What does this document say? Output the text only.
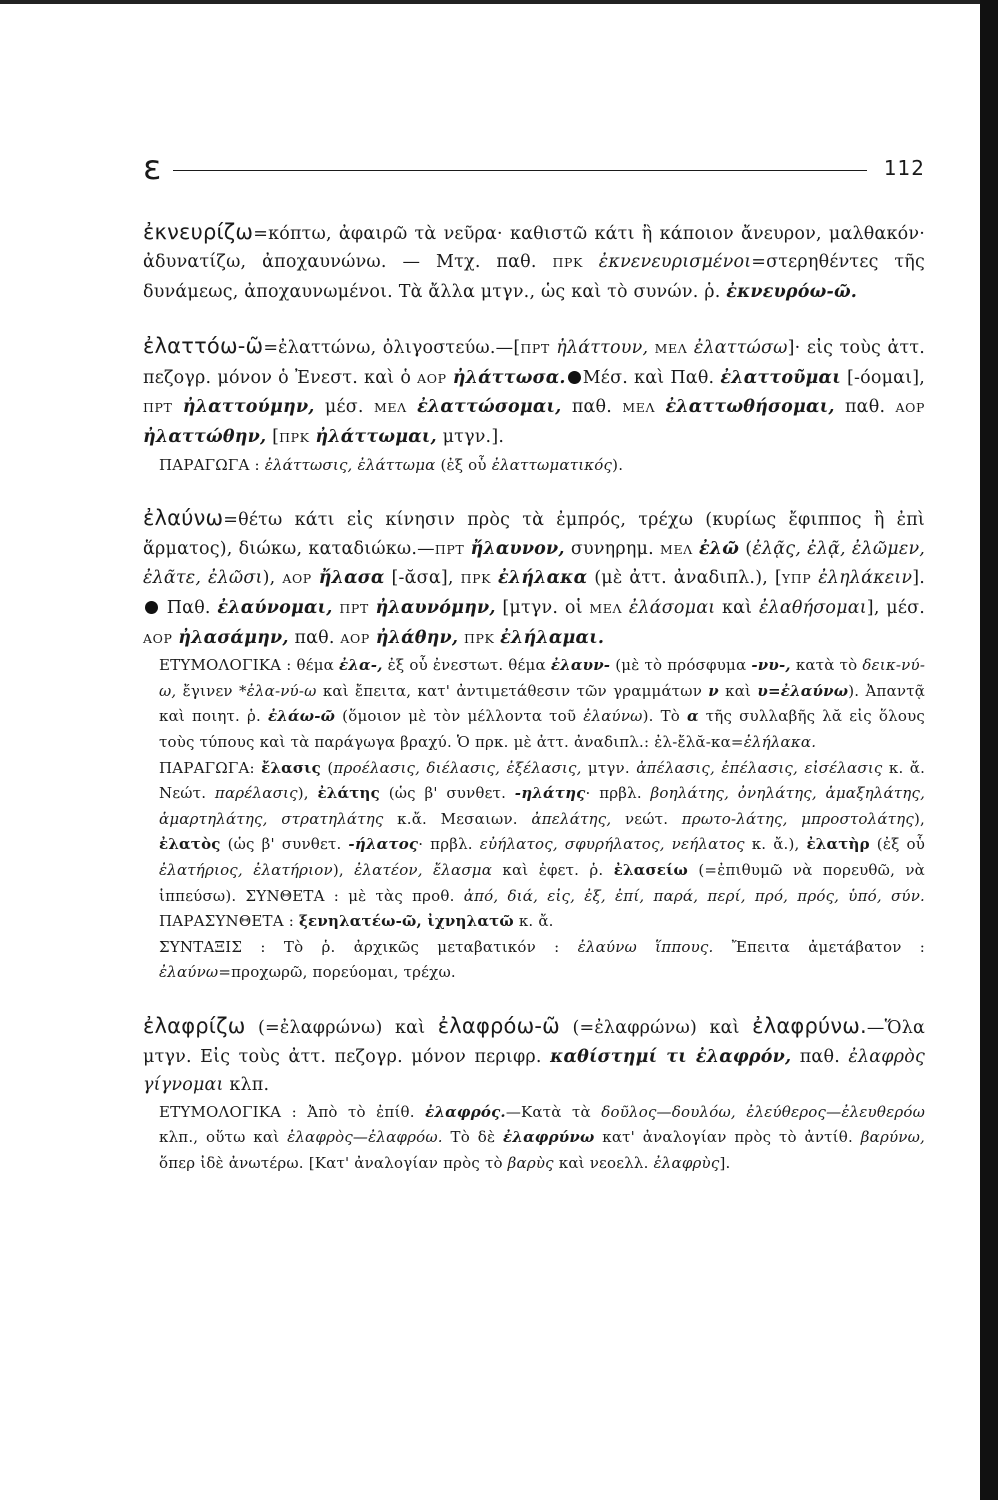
ε	112

ἐκνευρίζω=κόπτω, ἀφαιρῶ τὰ νεῦρα· καθιστῶ κάτι ἢ κάποιον ἄνευρον, μαλθακόν· ἀδυνατίζω, ἀποχαυνώνω. — Μτχ. παθ. ΠΡΚ ἐκνενευρισμένοι=στερηθέντες τῆς δυνάμεως, ἀποχαυνωμένοι. Τὰ ἄλλα μτγν., ὡς καὶ τὸ συνών. ῥ. ἐκνευρόω-ῶ.

ἐλαττόω-ῶ=ἐλαττώνω, ὀλιγοστεύω.—[ΠΡΤ ἠλάττουν, ΜΕΛ ἐλαττώσω]· εἰς τοὺς ἀττ. πεζογρ. μόνον ὁ Ἐνεστ. καὶ ὁ ΑΟΡ ἠλάττωσα. Μέσ. καὶ Παθ. ἐλαττοῦμαι [-όομαι], ΠΡΤ ἠλαττούμην, μέσ. ΜΕΛ ἐλαττώσομαι, παθ. ΜΕΛ ἐλαττωθήσομαι, παθ. ΑΟΡ ἠλαττώθην, [ΠΡΚ ἠλάττωμαι, μτγν.].
ΠΑΡΑΓΩΓΑ : ἐλάττωσις, ἐλάττωμα (ἐξ οὗ ἐλαττωματικός).
ἐλαύνω=θέτω κάτι εἰς κίνησιν πρὸς τὰ ἐμπρός, τρέχω (κυρίως ἔφιππος ἢ ἐπὶ ἅρματος), διώκω, καταδιώκω.—ΠΡΤ ἤλαυνον, συνηρημ. ΜΕΛ ἐλῶ (ἐλᾷς, ἐλᾷ, ἐλῶμεν, ἐλᾶτε, ἐλῶσι), ΑΟΡ ἤλασα [-ᾰσα], ΠΡΚ ἐλήλακα (μὲ ἀττ. ἀναδιπλ.), [ΥΠΡ ἐληλάκειν]. Παθ. ἐλαύνομαι, ΠΡΤ ἠλαυνόμην, [μτγν. οἱ ΜΕΛ ἐλάσομαι καὶ ἐλαθήσομαι], μέσ. ΑΟΡ ἠλασάμην, παθ. ΑΟΡ ἠλάθην, ΠΡΚ ἐλήλαμαι.
ΕΤΥΜΟΛΟΓΙΚΑ : θέμα ἐλα-, ἐξ οὗ ἐνεστωτ. θέμα ἐλαυν- (μὲ τὸ πρόσφυμα -νυ-, κατὰ τὸ δεικ-νύ-ω, ἔγινεν *ἐλα-νύ-ω καὶ ἔπειτα, κατ' ἀντιμετάθεσιν τῶν γραμμάτων ν καὶ υ=ἐλαύνω). Ἀπαντᾷ καὶ ποιητ. ῥ. ἐλάω-ῶ (ὅμοιον μὲ τὸν μέλλοντα τοῦ ἐλαύνω). Τὸ α τῆς συλλαβῆς λᾰ εἰς ὅλους τοὺς τύπους καὶ τὰ παράγωγα βραχύ. Ὁ πρκ. μὲ ἀττ. ἀναδιπλ.: ἐλ-ἔλᾰ-κα=ἐλήλακα.
ΠΑΡΑΓΩΓΑ: ἔλασις (προέλασις, διέλασις, ἐξέλασις, μτγν. ἀπέλασις, ἐπέλασις, εἰσέλασις κ. ἄ. Νεώτ. παρέλασις), ἐλάτης (ὡς β' συνθετ. -ηλάτης· πρβλ. βοηλάτης, ὀνηλάτης, ἁμαξηλάτης, ἁμαρτηλάτης, στρατηλάτης κ.ἄ. Μεσαιων. ἀπελάτης, νεώτ. πρωτο-λάτης, μπροστολάτης), ἐλατὸς (ὡς β' συνθετ. -ήλατος· πρβλ. εὐήλατος, σφυρήλατος, νεήλατος κ. ἄ.), ἐλατὴρ (ἐξ οὗ ἐλατήριος, ἐλατήριον), ἐλατέον, ἔλασμα καὶ ἐφετ. ῥ. ἐλασείω (=ἐπιθυμῶ νὰ πορευθῶ, νὰ ἱππεύσω). ΣΥΝΘΕΤΑ : μὲ τὰς προθ. ἀπό, διά, εἰς, ἐξ, ἐπί, παρά, περί, πρό, πρός, ὑπό, σύν. ΠΑΡΑΣΥΝΘΕΤΑ : ξενηλατέω-ῶ, ἰχνηλατῶ κ. ἄ.
ΣΥΝΤΑΞΙΣ : Τὸ ῥ. ἀρχικῶς μεταβατικόν : ἐλαύνω ἵππους. Ἔπειτα ἀμετάβατον : ἐλαύνω=προχωρῶ, πορεύομαι, τρέχω.
ἐλαφρίζω (=ἐλαφρώνω) καὶ ἐλαφρόω-ῶ (=ἐλαφρώνω) καὶ ἐλαφρύνω.—Ὅλα μτγν. Εἰς τοὺς ἀττ. πεζογρ. μόνον περιφρ. καθίστημί τι ἐλαφρόν, παθ. ἐλαφρὸς γίγνομαι κλπ.
ΕΤΥΜΟΛΟΓΙΚΑ : Ἀπὸ τὸ ἐπίθ. ἐλαφρός.—Κατὰ τὰ δοῦλος—δουλόω, ἐλεύθερος—ἐλευθερόω κλπ., οὕτω καὶ ἐλαφρὸς—ἐλαφρόω. Τὸ δὲ ἐλαφρύνω κατ' ἀναλογίαν πρὸς τὸ ἀντίθ. βαρύνω, ὅπερ ἰδὲ ἀνωτέρω. [Κατ' ἀναλογίαν πρὸς τὸ βαρὺς καὶ νεοελλ. ἐλαφρὺς].
